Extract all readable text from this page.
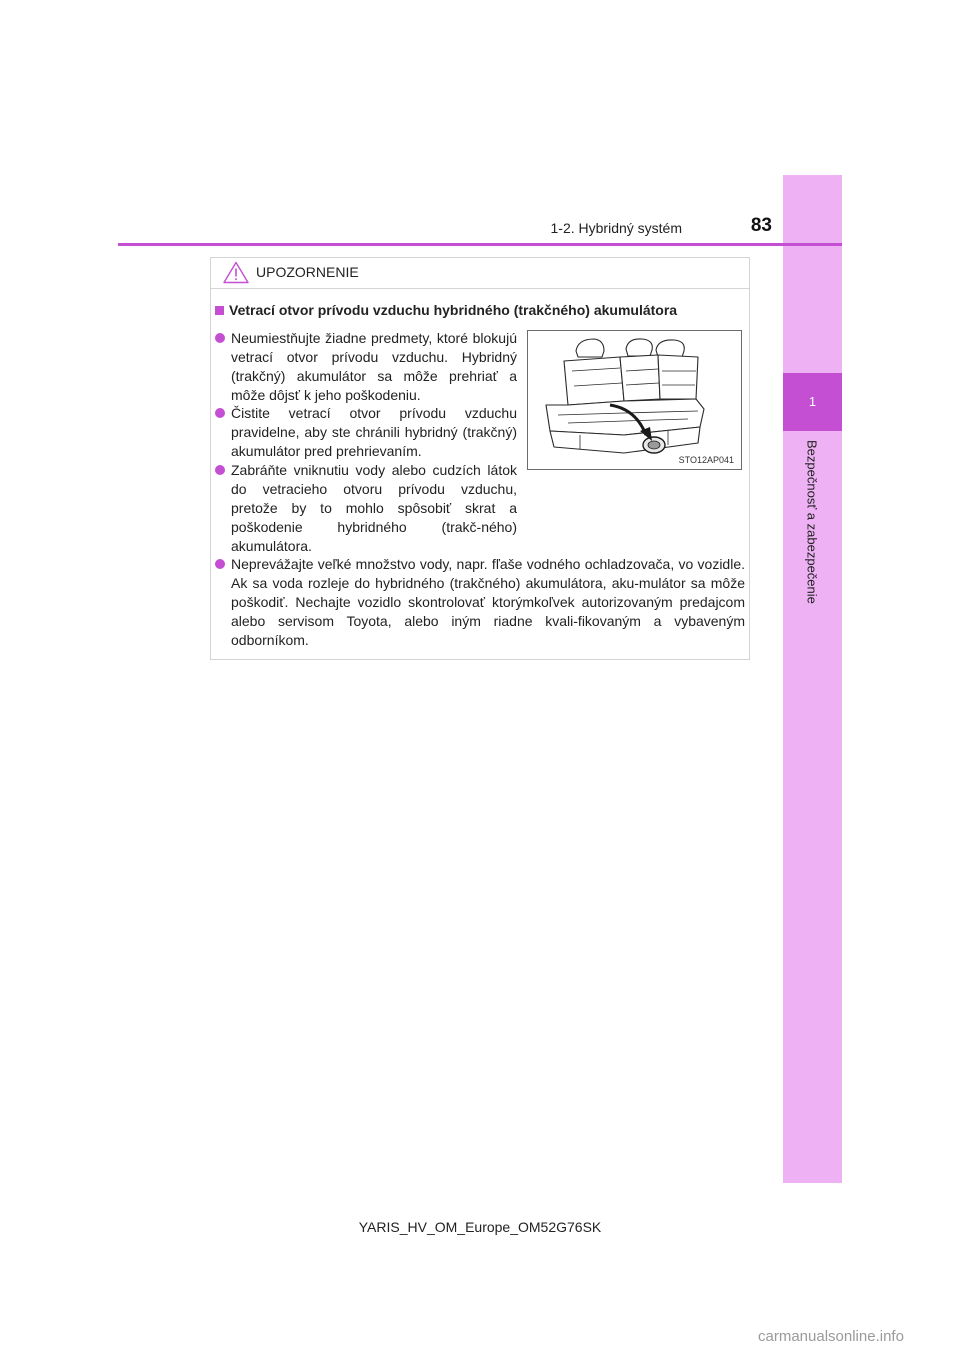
1
Bezpečnosť a zabezpečenie
1-2. Hybridný systém	83
UPOZORNENIE
Vetrací otvor prívodu vzduchu hybridného (trakčného) akumulátora
Neumiestňujte žiadne predmety, ktoré blokujú vetrací otvor prívodu vzduchu. Hybridný (trakčný) akumulátor sa môže prehriať a môže dôjsť k jeho poškodeniu.
Čistite vetrací otvor prívodu vzduchu pravidelne, aby ste chránili hybridný (trakčný) akumulátor pred prehrievaním.
Zabráňte vniknutiu vody alebo cudzích látok do vetracieho otvoru prívodu vzduchu, pretože by to mohlo spôsobiť skrat a poškodenie hybridného (trakč-ného) akumulátora.
Neprevážajte veľké množstvo vody, napr. fľaše vodného ochladzovača, vo vozidle. Ak sa voda rozleje do hybridného (trakčného) akumulátora, aku-mulátor sa môže poškodiť. Nechajte vozidlo skontrolovať ktorýmkoľvek autorizovaným predajcom alebo servisom Toyota, alebo iným riadne kvali-fikovaným a vybaveným odborníkom.
STO12AP041
YARIS_HV_OM_Europe_OM52G76SK
carmanualsonline.info
